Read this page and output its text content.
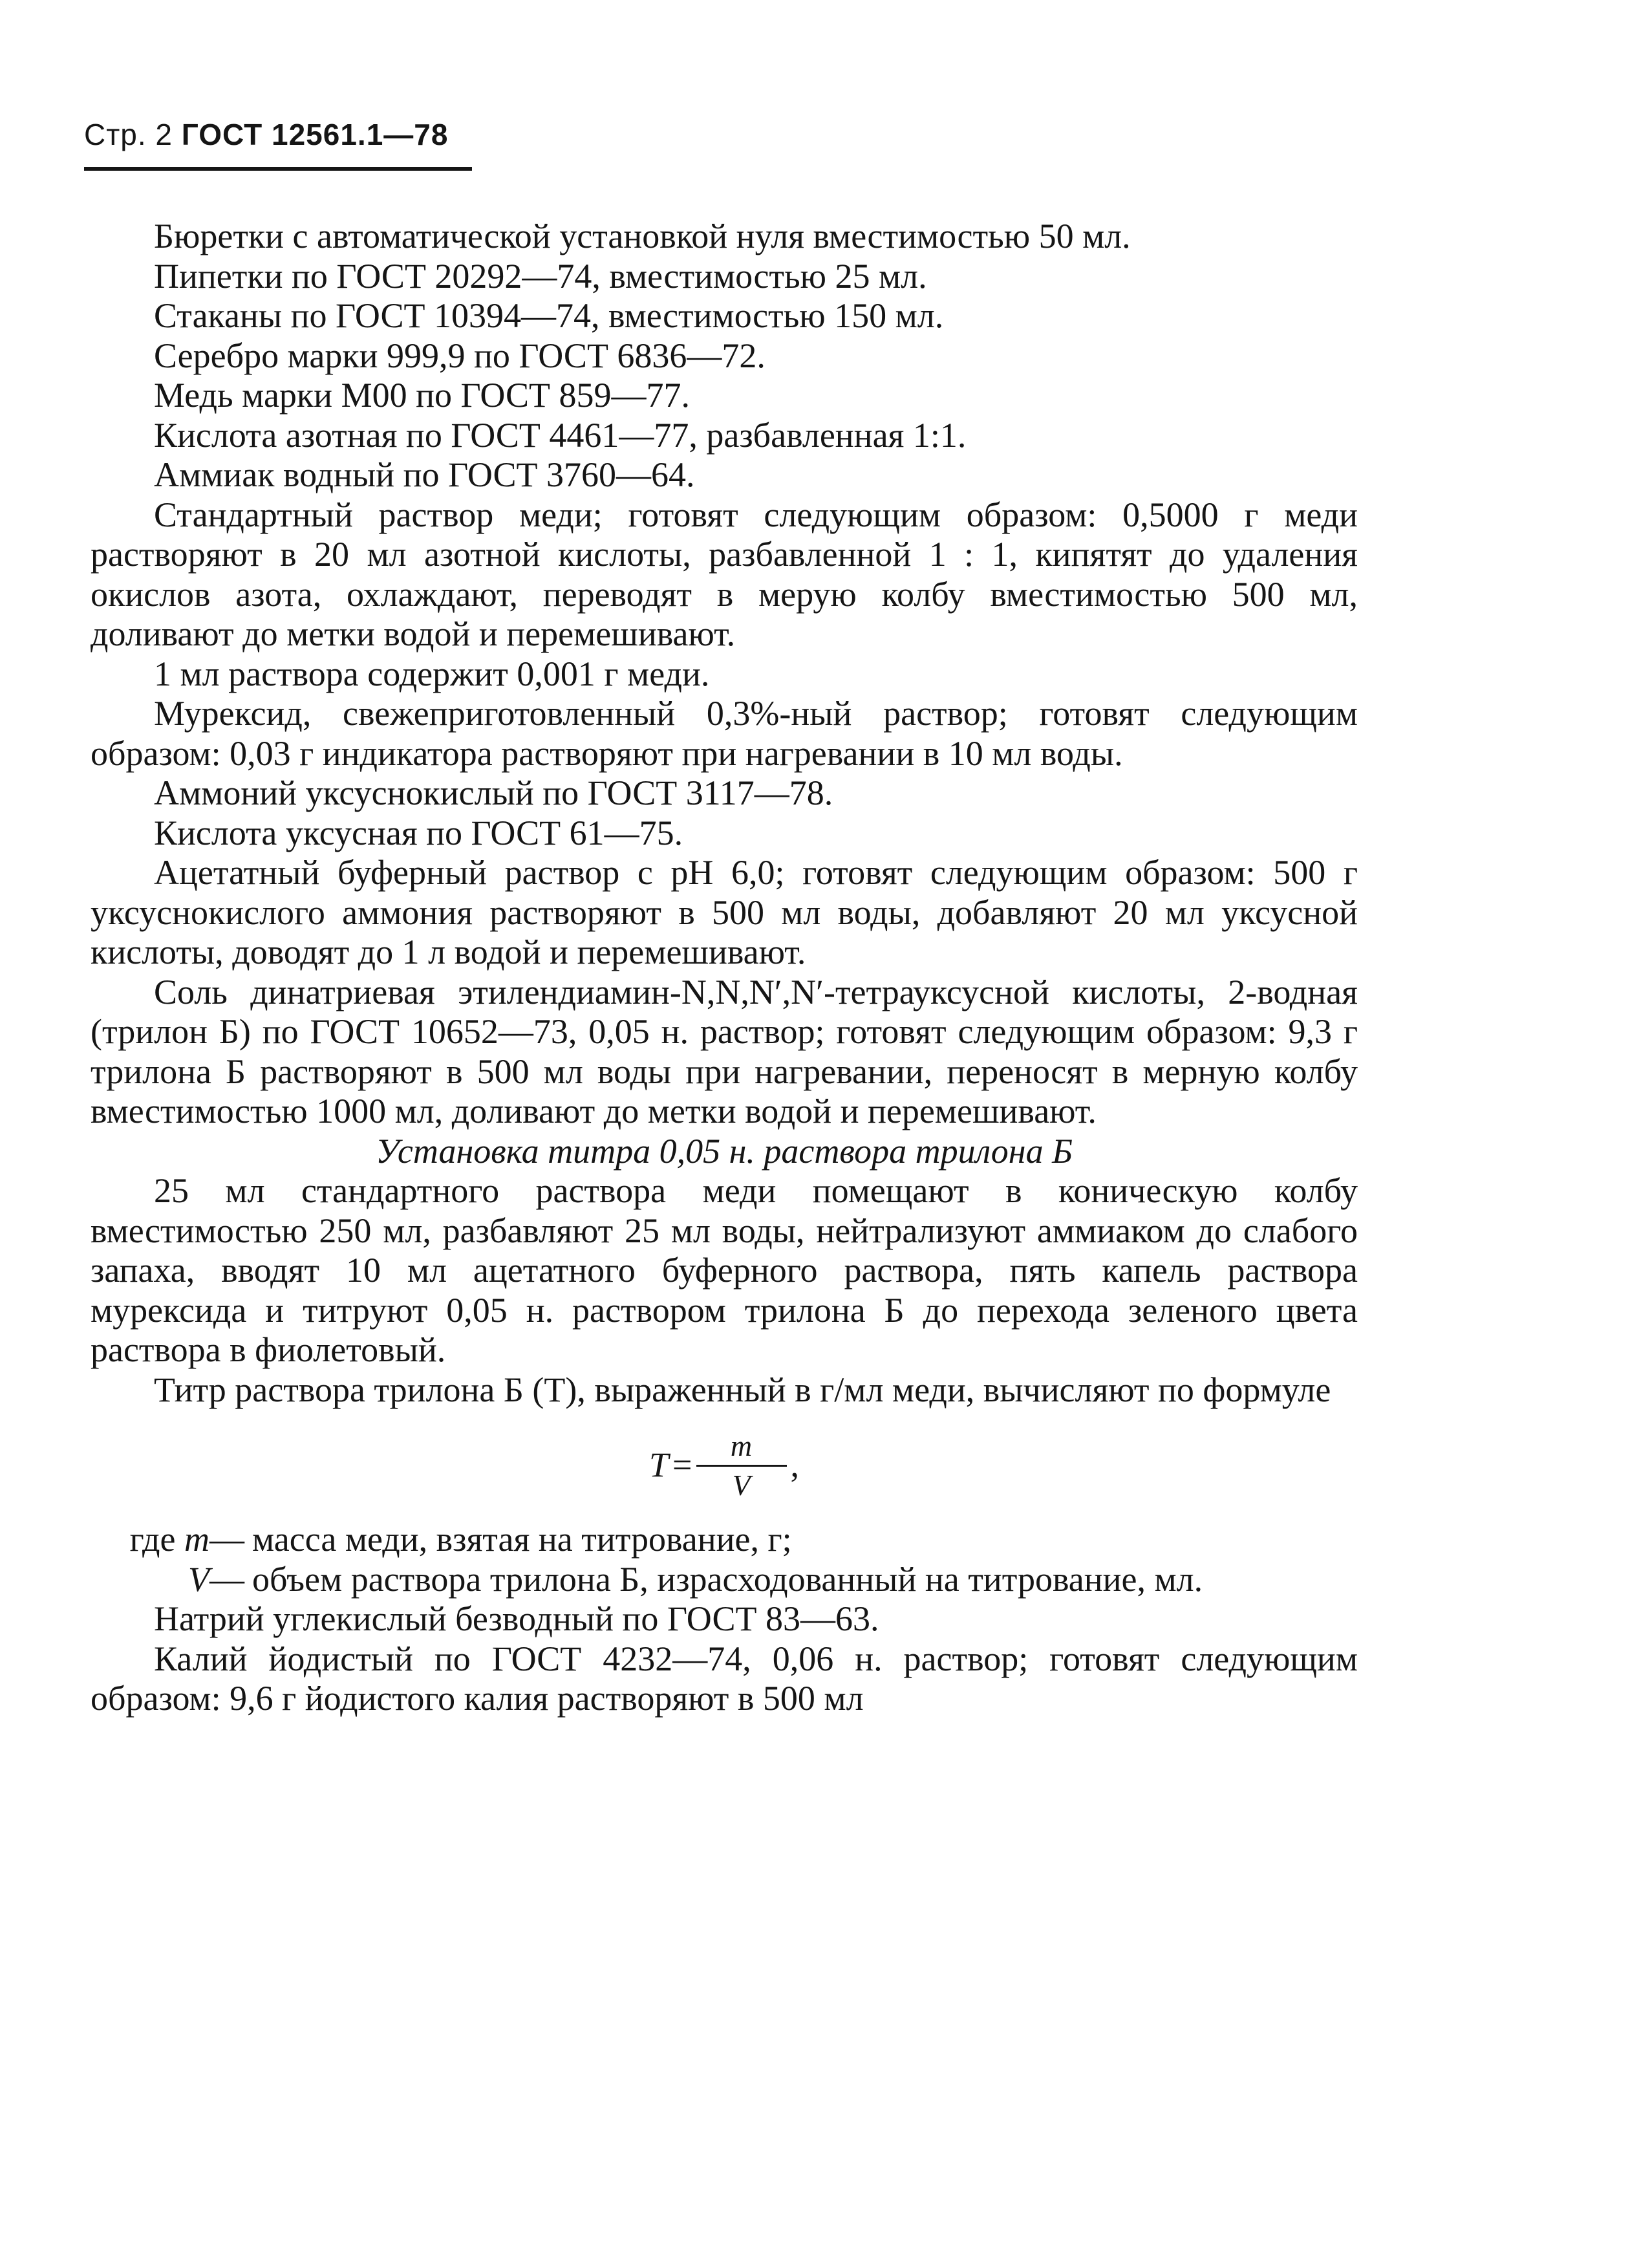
Стр. 2 ГОСТ 12561.1—78

Бюретки с автоматической установкой нуля вместимостью 50 мл.

Пипетки по ГОСТ 20292—74, вместимостью 25 мл.

Стаканы по ГОСТ 10394—74, вместимостью 150 мл.

Серебро марки 999,9 по ГОСТ 6836—72.

Медь марки М00 по ГОСТ 859—77.

Кислота азотная по ГОСТ 4461—77, разбавленная 1:1.

Аммиак водный по ГОСТ 3760—64.

Стандартный раствор меди; готовят следующим образом: 0,5000 г меди растворяют в 20 мл азотной кислоты, разбавленной 1 : 1, кипятят до удаления окислов азота, охлаждают, переводят в мерую колбу вместимостью 500 мл, доливают до метки водой и перемешивают.

1 мл раствора содержит 0,001 г меди.

Мурексид, свежеприготовленный 0,3%-ный раствор; готовят следующим образом: 0,03 г индикатора растворяют при нагревании в 10 мл воды.

Аммоний уксуснокислый по ГОСТ 3117—78.

Кислота уксусная по ГОСТ 61—75.

Ацетатный буферный раствор с pH 6,0; готовят следующим образом: 500 г уксуснокислого аммония растворяют в 500 мл воды, добавляют 20 мл уксусной кислоты, доводят до 1 л водой и перемешивают.

Соль динатриевая этилендиамин-N,N,N′,N′-тетрауксусной кислоты, 2-водная (трилон Б) по ГОСТ 10652—73, 0,05 н. раствор; готовят следующим образом: 9,3 г трилона Б растворяют в 500 мл воды при нагревании, переносят в мерную колбу вместимостью 1000 мл, доливают до метки водой и перемешивают.

Установка титра 0,05 н. раствора трилона Б

25 мл стандартного раствора меди помещают в коническую колбу вместимостью 250 мл, разбавляют 25 мл воды, нейтрализуют аммиаком до слабого запаха, вводят 10 мл ацетатного буферного раствора, пять капель раствора мурексида и титруют 0,05 н. раствором трилона Б до перехода зеленого цвета раствора в фиолетовый.

Титр раствора трилона Б (T), выраженный в г/мл меди, вычисляют по формуле

$T = \frac{m}{V}$ ,
где m— масса меди, взятая на титрование, г;
V— объем раствора трилона Б, израсходованный на титрование, мл.

Натрий углекислый безводный по ГОСТ 83—63.

Калий йодистый по ГОСТ 4232—74, 0,06 н. раствор; готовят следующим образом: 9,6 г йодистого калия растворяют в 500 мл
